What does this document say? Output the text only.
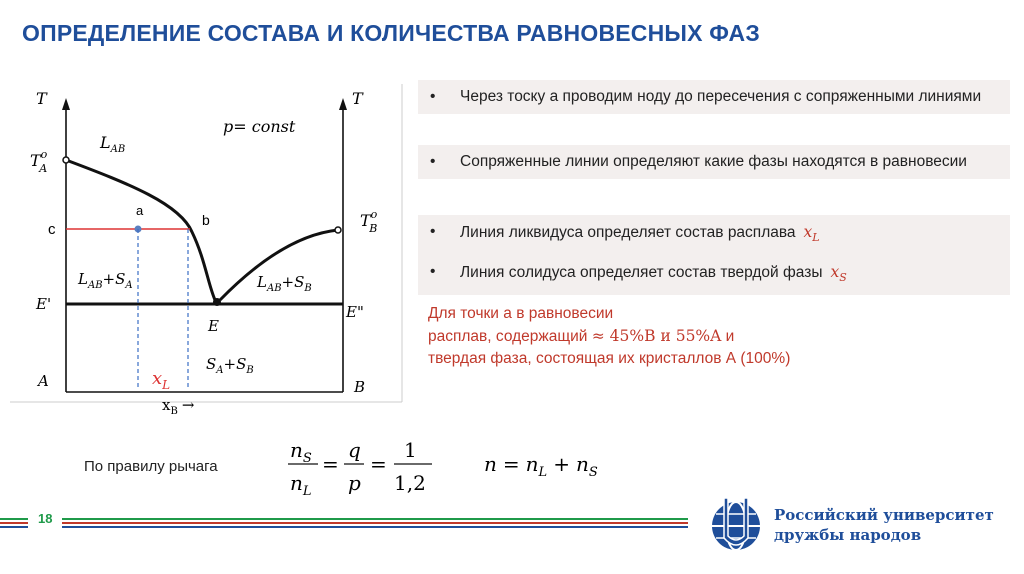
ОПРЕДЕЛЕНИЕ СОСТАВА И КОЛИЧЕСТВА РАВНОВЕСНЫХ ФАЗ
T	T
p= const
$T^o$ A
$T^o$ B
$L_{AB}$
E'	E"
E
c
a
b
$L_{AB}+S_A$	$L_{AB}+S_B$
$S_A+S_B$
A	B
$x_L$
$x_B$ →
• Через тоску a проводим ноду до пересечения с сопряженными линиями
• Сопряженные линии определяют какие фазы находятся в равновесии
• Линия ликвидуса определяет состав расплава $x_L$
• Линия солидуса определяет состав твердой фазы $x_S$
Для точки а в равновесии
расплав, содержащий ≈ 45%B и 55%A и
твердая фаза, состоящая их кристаллов А (100%)
По правилу рычага
$n_S$
$n_L$
=
q
p
=
1
1,2
$n = n_L + n_S$
18	Российский университет
дружбы народов
